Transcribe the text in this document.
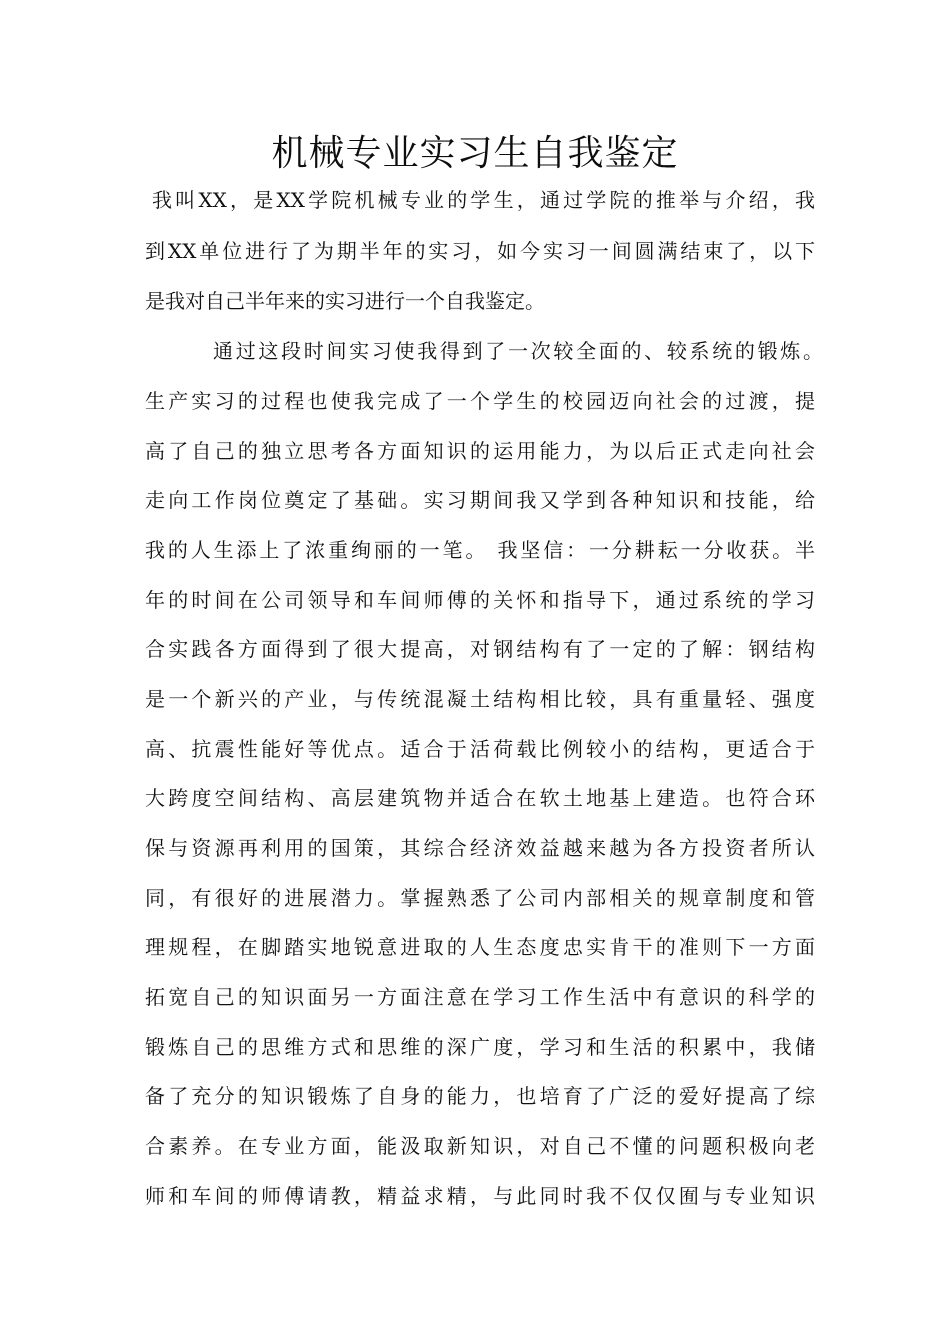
机械专业实习生自我鉴定
我叫XX，是XX学院机械专业的学生，通过学院的推举与介绍，我
到XX单位进行了为期半年的实习，如今实习一间圆满结束了，以下
是我对自己半年来的实习进行一个自我鉴定。
通过这段时间实习使我得到了一次较全面的、较系统的锻炼。
生产实习的过程也使我完成了一个学生的校园迈向社会的过渡，提
高了自己的独立思考各方面知识的运用能力，为以后正式走向社会
走向工作岗位奠定了基础。实习期间我又学到各种知识和技能，给
我的人生添上了浓重绚丽的一笔。 我坚信：一分耕耘一分收获。半
年的时间在公司领导和车间师傅的关怀和指导下，通过系统的学习
合实践各方面得到了很大提高，对钢结构有了一定的了解：钢结构
是一个新兴的产业，与传统混凝土结构相比较，具有重量轻、强度
高、抗震性能好等优点。适合于活荷载比例较小的结构，更适合于
大跨度空间结构、高层建筑物并适合在软土地基上建造。也符合环
保与资源再利用的国策，其综合经济效益越来越为各方投资者所认
同，有很好的进展潜力。掌握熟悉了公司内部相关的规章制度和管
理规程，在脚踏实地锐意进取的人生态度忠实肯干的准则下一方面
拓宽自己的知识面另一方面注意在学习工作生活中有意识的科学的
锻炼自己的思维方式和思维的深广度，学习和生活的积累中，我储
备了充分的知识锻炼了自身的能力，也培育了广泛的爱好提高了综
合素养。在专业方面，能汲取新知识，对自己不懂的问题积极向老
师和车间的师傅请教，精益求精，与此同时我不仅仅囿与专业知识
